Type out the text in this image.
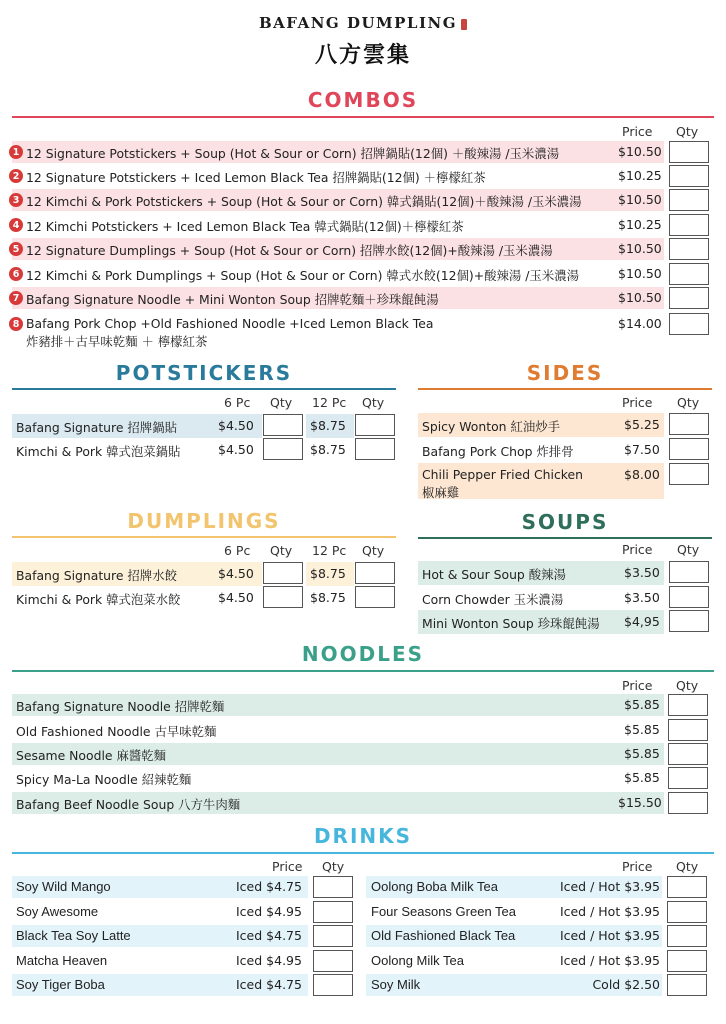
BAFANG DUMPLING
八方雲集
COMBOS
Price Qty
1 12 Signature Potstickers + Soup (Hot & Sour or Corn) 招牌鍋貼(12個) ＋酸辣湯 /玉米濃湯	$10.50
2 12 Signature Potstickers + Iced Lemon Black Tea 招牌鍋貼(12個) ＋檸檬紅茶	$10.25
3 12 Kimchi & Pork Potstickers + Soup (Hot & Sour or Corn) 韓式鍋貼(12個)＋酸辣湯 /玉米濃湯	$10.50
4 12 Kimchi Potstickers + Iced Lemon Black Tea 韓式鍋貼(12個)＋檸檬紅茶	$10.25
5 12 Signature Dumplings + Soup (Hot & Sour or Corn) 招牌水餃(12個)+酸辣湯 /玉米濃湯	$10.50
6 12 Kimchi & Pork Dumplings + Soup (Hot & Sour or Corn) 韓式水餃(12個)+酸辣湯 /玉米濃湯	$10.50
7 Bafang Signature Noodle + Mini Wonton Soup 招牌乾麵＋珍珠餛飩湯	$10.50
8 Bafang Pork Chop +Old Fashioned Noodle +Iced Lemon Black Tea
炸豬排＋古早味乾麵 ＋ 檸檬紅茶
$14.00
POTSTICKERS
6 Pc Qty 12 Pc Qty
Bafang Signature 招牌鍋貼	$4.50	$8.75
Kimchi & Pork 韓式泡菜鍋貼	$4.50	$8.75
SIDES
Price Qty
Spicy Wonton 紅油炒手	$5.25
Bafang Pork Chop 炸排骨	$7.50
Chili Pepper Fried Chicken
椒麻雞
$8.00
DUMPLINGS
6 Pc Qty 12 Pc Qty
Bafang Signature 招牌水餃	$4.50	$8.75
Kimchi & Pork 韓式泡菜水餃	$4.50	$8.75
SOUPS
Price Qty
Hot & Sour Soup 酸辣湯	$3.50
Corn Chowder 玉米濃湯	$3.50
Mini Wonton Soup 珍珠餛飩湯 $4,95
NOODLES
Price Qty
Bafang Signature Noodle 招牌乾麵	$5.85
Old Fashioned Noodle 古早味乾麵	$5.85
Sesame Noodle 麻醬乾麵	$5.85
Spicy Ma-La Noodle 紹辣乾麵	$5.85
Bafang Beef Noodle Soup 八方牛肉麵	$15.50
DRINKS
Price Qty	Price Qty
Soy Wild Mango	Iced $4.75
Soy Awesome	Iced $4.95
Black Tea Soy Latte	Iced $4.75
Matcha Heaven	Iced $4.95
Soy Tiger Boba	Iced $4.75
Oolong Boba Milk Tea	Iced / Hot $3.95
Four Seasons Green Tea	Iced / Hot $3.95
Old Fashioned Black Tea	Iced / Hot $3.95
Oolong Milk Tea	Iced / Hot $3.95
Soy Milk	Cold $2.50
